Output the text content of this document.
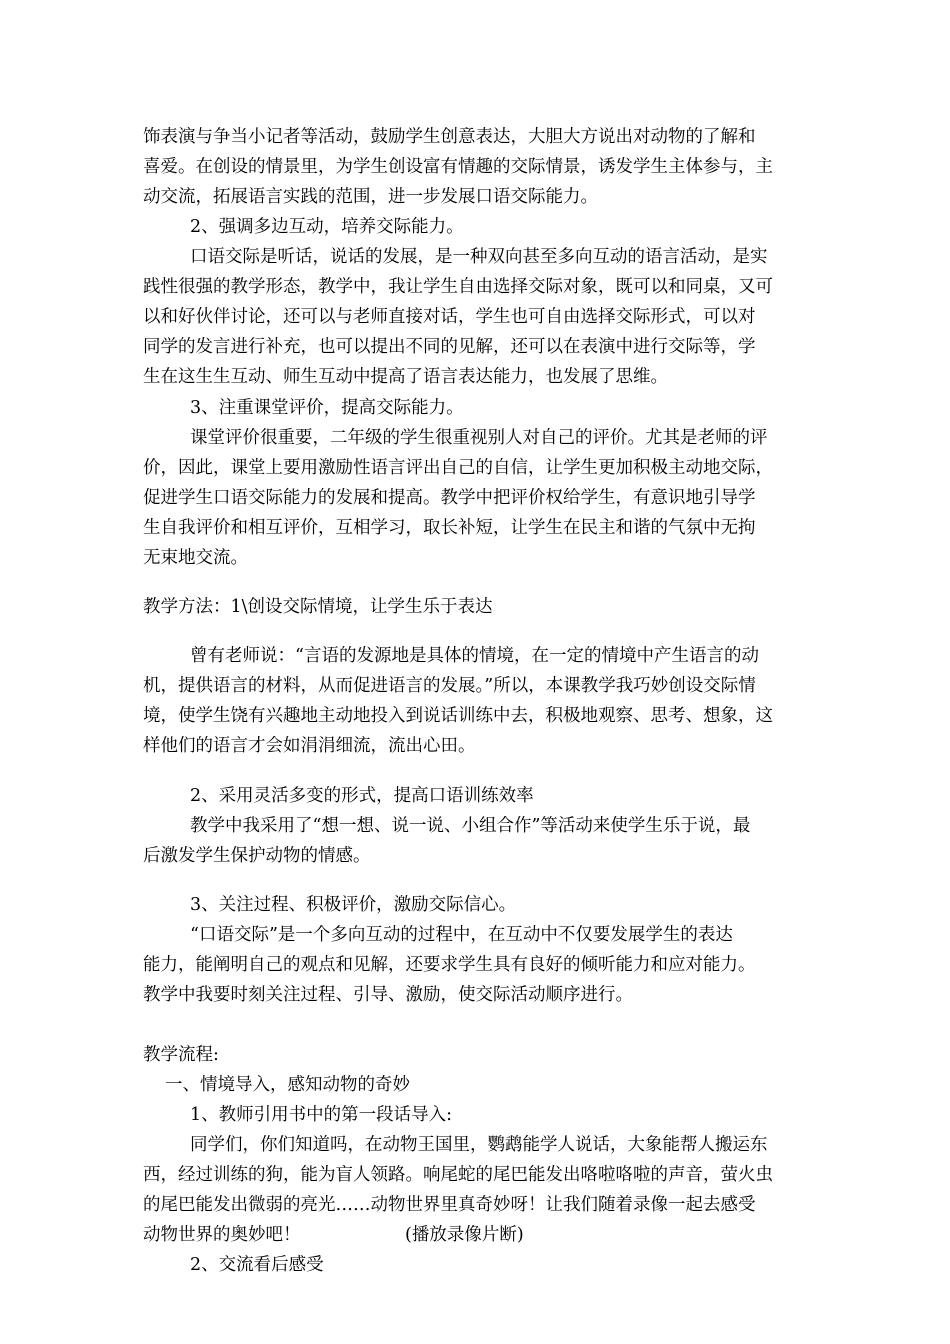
饰表演与争当小记者等活动，鼓励学生创意表达，大胆大方说出对动物的了解和
喜爱。在创设的情景里，为学生创设富有情趣的交际情景，诱发学生主体参与，主
动交流，拓展语言实践的范围，进一步发展口语交际能力。
2、强调多边互动，培养交际能力。
口语交际是听话，说话的发展，是一种双向甚至多向互动的语言活动，是实
践性很强的教学形态，教学中，我让学生自由选择交际对象，既可以和同桌，又可
以和好伙伴讨论，还可以与老师直接对话，学生也可自由选择交际形式，可以对
同学的发言进行补充，也可以提出不同的见解，还可以在表演中进行交际等，学
生在这生生互动、师生互动中提高了语言表达能力，也发展了思维。
3、注重课堂评价，提高交际能力。
课堂评价很重要，二年级的学生很重视别人对自己的评价。尤其是老师的评
价，因此，课堂上要用激励性语言评出自己的自信，让学生更加积极主动地交际，
促进学生口语交际能力的发展和提高。教学中把评价权给学生，有意识地引导学
生自我评价和相互评价，互相学习，取长补短，让学生在民主和谐的气氛中无拘
无束地交流。
教学方法：1\创设交际情境，让学生乐于表达
曾有老师说：“言语的发源地是具体的情境，在一定的情境中产生语言的动
机，提供语言的材料，从而促进语言的发展。”所以，本课教学我巧妙创设交际情
境，使学生饶有兴趣地主动地投入到说话训练中去，积极地观察、思考、想象，这
样他们的语言才会如涓涓细流，流出心田。
2、采用灵活多变的形式，提高口语训练效率
教学中我采用了“想一想、说一说、小组合作”等活动来使学生乐于说，最
后激发学生保护动物的情感。
3、关注过程、积极评价，激励交际信心。
“口语交际”是一个多向互动的过程中，在互动中不仅要发展学生的表达
能力，能阐明自己的观点和见解，还要求学生具有良好的倾听能力和应对能力。
教学中我要时刻关注过程、引导、激励，使交际活动顺序进行。
教学流程:
一、情境导入，感知动物的奇妙
1、教师引用书中的第一段话导入:
同学们，你们知道吗，在动物王国里，鹦鹉能学人说话，大象能帮人搬运东
西，经过训练的狗，能为盲人领路。响尾蛇的尾巴能发出咯啦咯啦的声音，萤火虫
的尾巴能发出微弱的亮光……动物世界里真奇妙呀！让我们随着录像一起去感受
动物世界的奥妙吧！	(播放录像片断)
2、交流看后感受
